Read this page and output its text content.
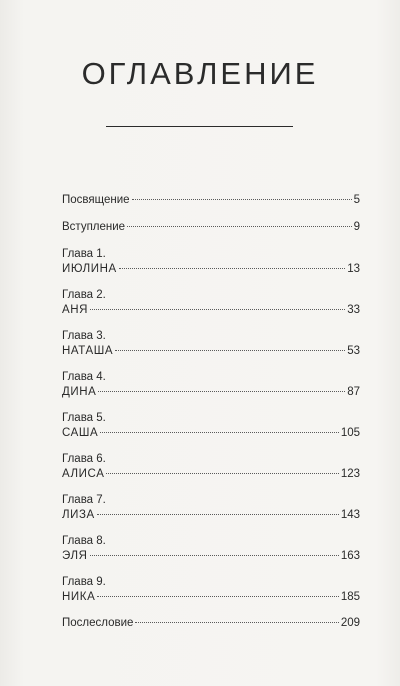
ОГЛАВЛЕНИЕ
Посвящение	5
Вступление	9
Глава 1.
ИЮЛИНА	13
Глава 2.
АНЯ	33
Глава 3.
НАТАША	53
Глава 4.
ДИНА	87
Глава 5.
САША	105
Глава 6.
АЛИСА	123
Глава 7.
ЛИЗА	143
Глава 8.
ЭЛЯ	163
Глава 9.
НИКА	185
Послесловие	209
